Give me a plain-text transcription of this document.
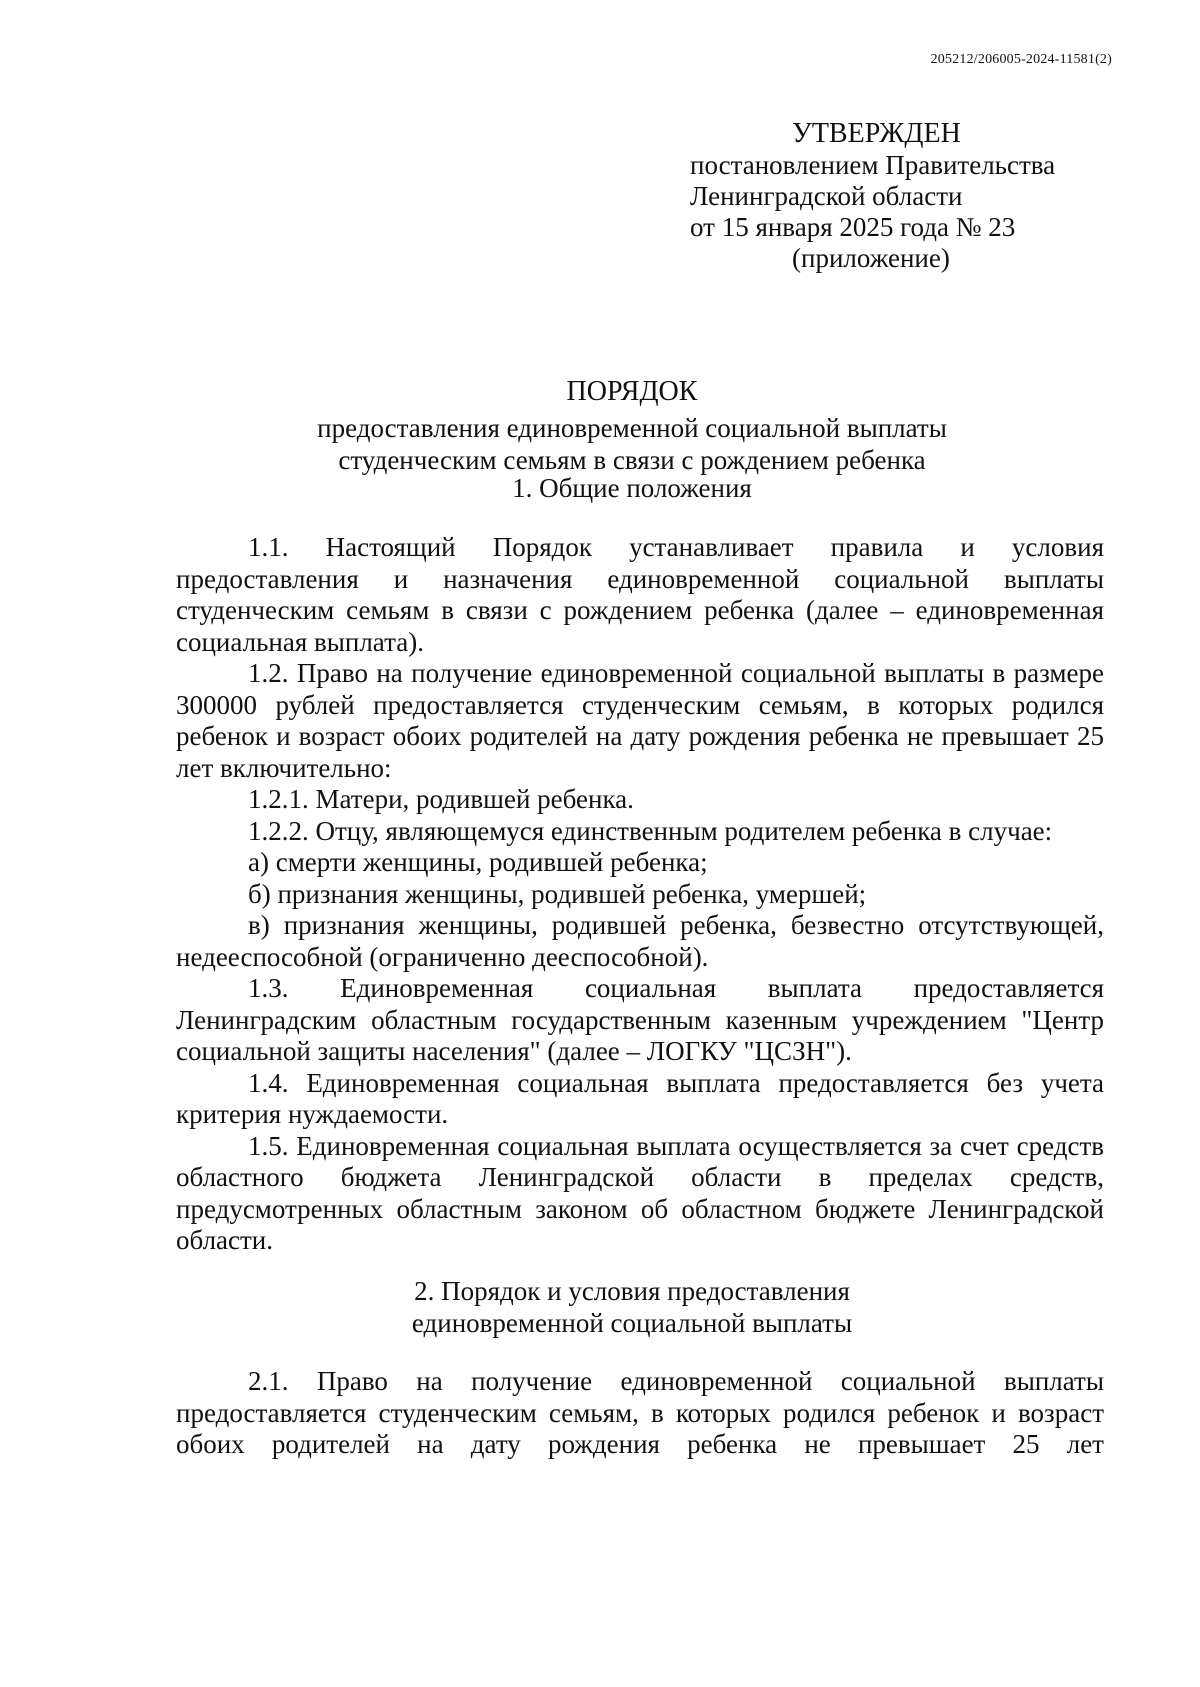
205212/206005-2024-11581(2)
УТВЕРЖДЕН
постановлением Правительства
Ленинградской области
от 15 января 2025 года № 23
(приложение)
ПОРЯДОК
предоставления единовременной социальной выплаты
студенческим семьям в связи с рождением ребенка
1. Общие положения

1.1. Настоящий Порядок устанавливает правила и условия предоставления и назначения единовременной социальной выплаты студенческим семьям в связи с рождением ребенка (далее – единовременная социальная выплата).

1.2. Право на получение единовременной социальной выплаты в размере 300000 рублей предоставляется студенческим семьям, в которых родился ребенок и возраст обоих родителей на дату рождения ребенка не превышает 25 лет включительно:

1.2.1. Матери, родившей ребенка.

1.2.2. Отцу, являющемуся единственным родителем ребенка в случае:

а) смерти женщины, родившей ребенка;

б) признания женщины, родившей ребенка, умершей;

в) признания женщины, родившей ребенка, безвестно отсутствующей, недееспособной (ограниченно дееспособной).

1.3. Единовременная социальная выплата предоставляется Ленинградским областным государственным казенным учреждением "Центр социальной защиты населения" (далее – ЛОГКУ "ЦСЗН").

1.4. Единовременная социальная выплата предоставляется без учета критерия нуждаемости.

1.5. Единовременная социальная выплата осуществляется за счет средств областного бюджета Ленинградской области в пределах средств, предусмотренных областным законом об областном бюджете Ленинградской области.

2. Порядок и условия предоставления
единовременной социальной выплаты

2.1. Право на получение единовременной социальной выплаты предоставляется студенческим семьям, в которых родился ребенок и возраст обоих родителей на дату рождения ребенка не превышает 25 лет
